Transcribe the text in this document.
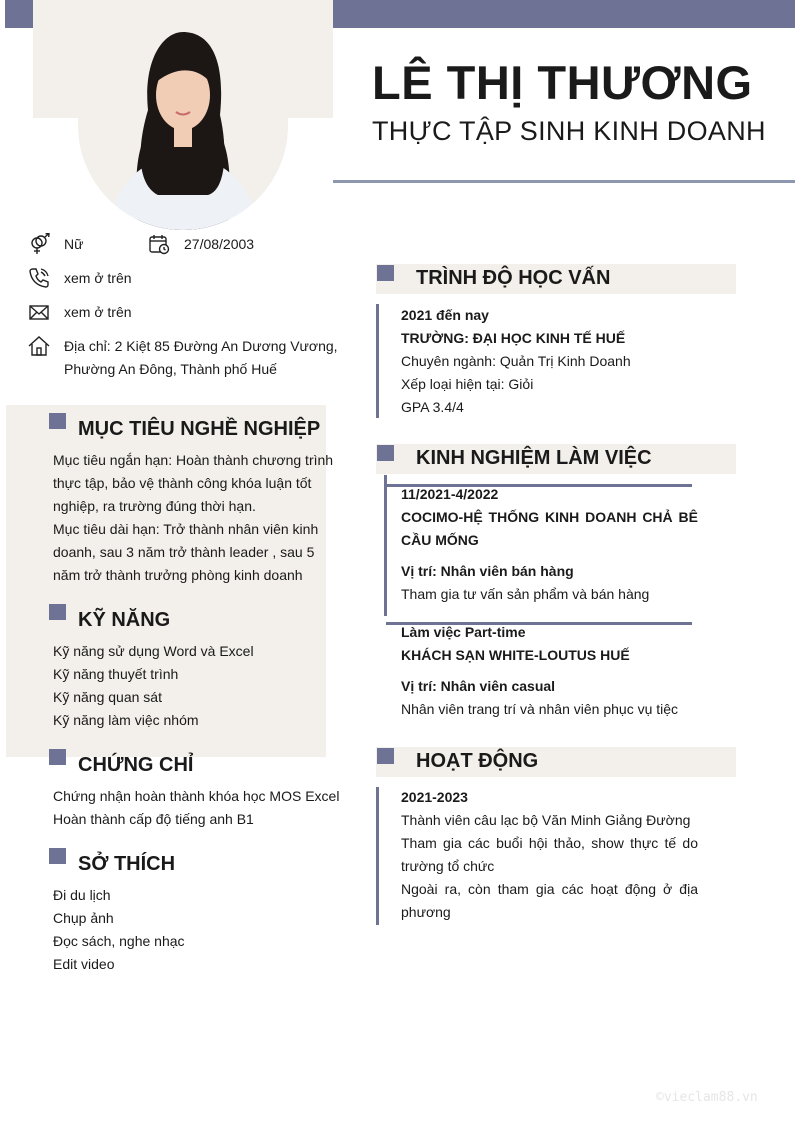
LÊ THỊ THƯƠNG
THỰC TẬP SINH KINH DOANH
Nữ	27/08/2003
xem ở trên
xem ở trên
Địa chỉ: 2 Kiệt 85 Đường An Dương Vương,
Phường An Đông, Thành phố Huế
MỤC TIÊU NGHỀ NGHIỆP
Mục tiêu ngắn hạn: Hoàn thành chương trình
thực tập, bảo vệ thành công khóa luận tốt
nghiệp, ra trường đúng thời hạn.
Mục tiêu dài hạn: Trở thành nhân viên kinh
doanh, sau 3 năm trở thành leader , sau 5
năm trở thành trưởng phòng kinh doanh
KỸ NĂNG
Kỹ năng sử dụng Word và Excel
Kỹ năng thuyết trình
Kỹ năng quan sát
Kỹ năng làm việc nhóm
CHỨNG CHỈ
Chứng nhận hoàn thành khóa học MOS Excel
Hoàn thành cấp độ tiếng anh B1
SỞ THÍCH
Đi du lịch
Chụp ảnh
Đọc sách, nghe nhạc
Edit video
TRÌNH ĐỘ HỌC VẤN
2021 đến nay
TRƯỜNG: ĐẠI HỌC KINH TẾ HUẾ
Chuyên ngành: Quản Trị Kinh Doanh
Xếp loại hiện tại: Giỏi
GPA 3.4/4
KINH NGHIỆM LÀM VIỆC
11/2021-4/2022
COCIMO-HỆ THỐNG KINH DOANH CHẢ BÊ
CẦU MỐNG
Vị trí: Nhân viên bán hàng
Tham gia tư vấn sản phẩm và bán hàng
Làm việc Part-time
KHÁCH SẠN WHITE-LOUTUS HUẾ
Vị trí: Nhân viên casual
Nhân viên trang trí và nhân viên phục vụ tiệc
HOẠT ĐỘNG
2021-2023
Thành viên câu lạc bộ Văn Minh Giảng Đường
Tham gia các buổi hội thảo, show thực tế do
trường tổ chức
Ngoài ra, còn tham gia các hoạt động ở địa
phương
©vieclam88.vn
